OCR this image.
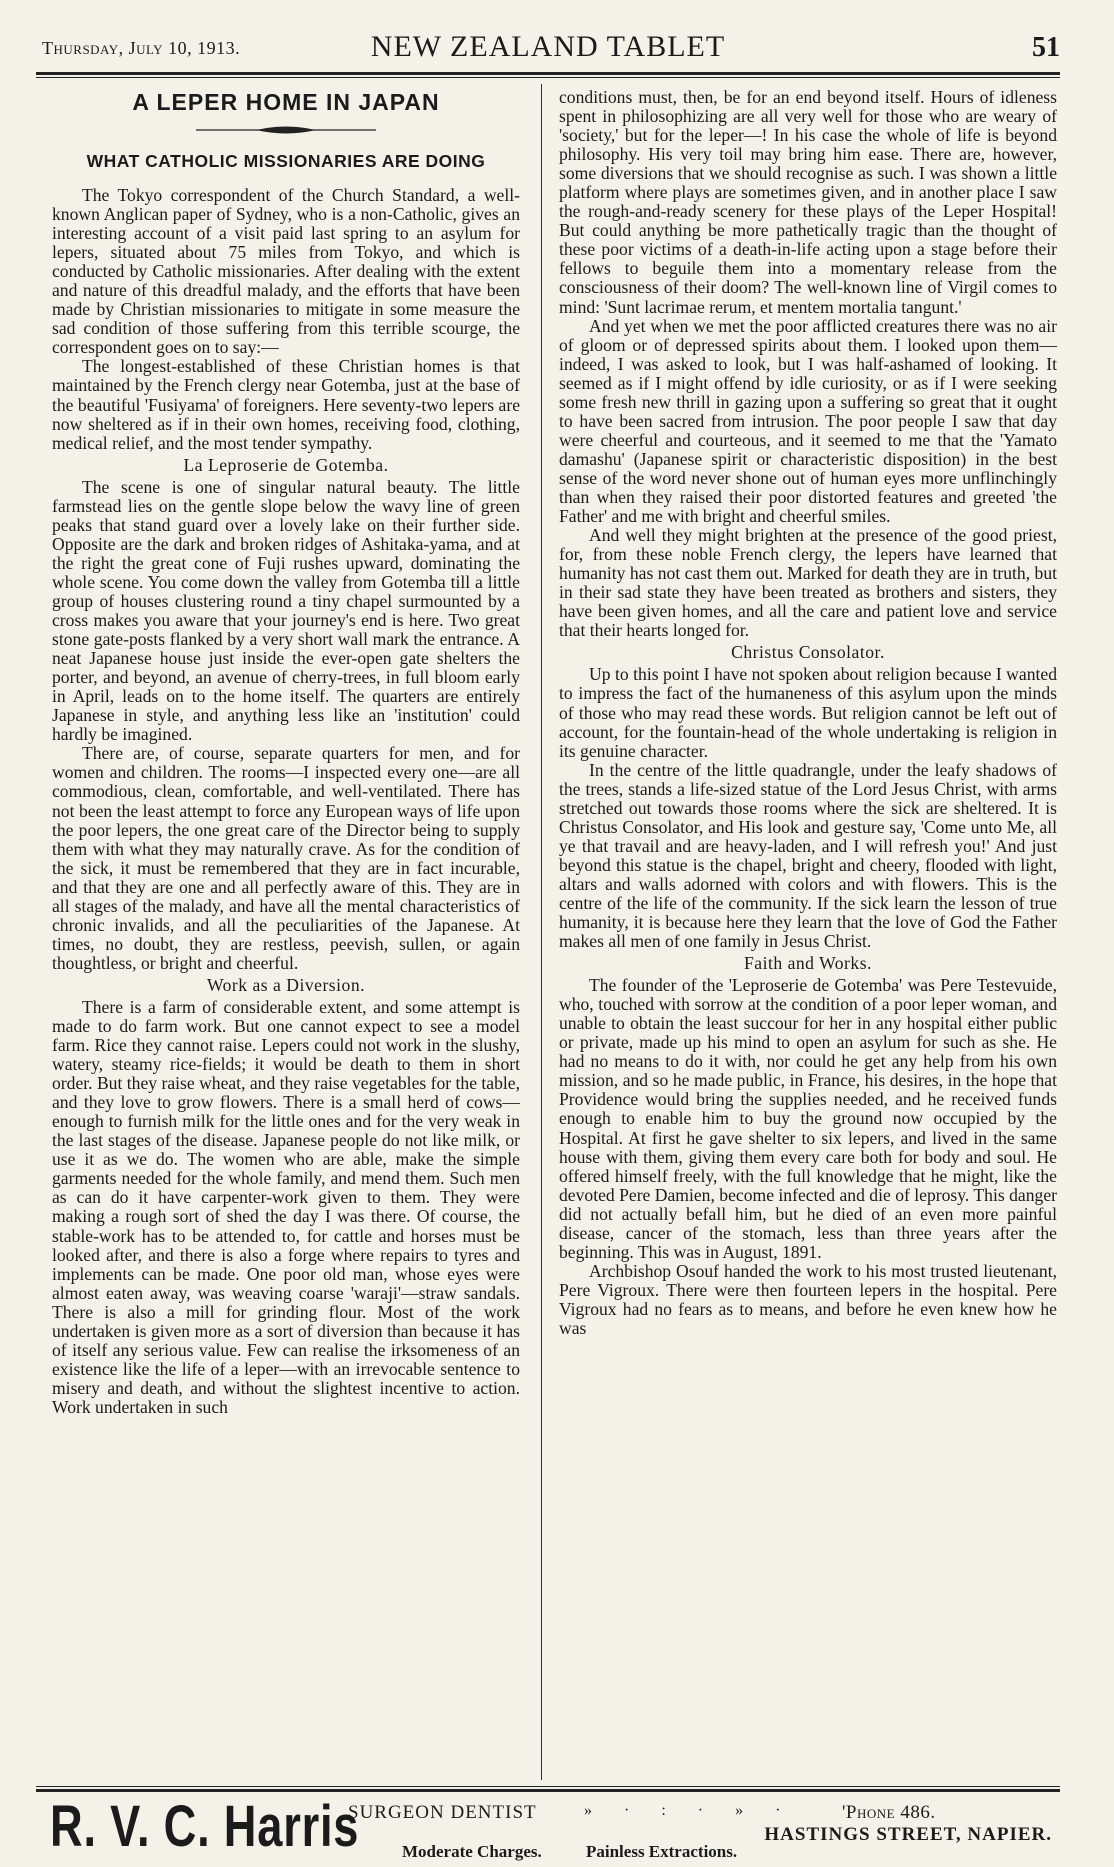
Thursday, July 10, 1913.	NEW ZEALAND TABLET	51
A LEPER HOME IN JAPAN
WHAT CATHOLIC MISSIONARIES ARE DOING

The Tokyo correspondent of the Church Standard, a well-known Anglican paper of Sydney, who is a non-Catholic, gives an interesting account of a visit paid last spring to an asylum for lepers, situated about 75 miles from Tokyo, and which is conducted by Catholic missionaries. After dealing with the extent and nature of this dreadful malady, and the efforts that have been made by Christian missionaries to mitigate in some measure the sad condition of those suffering from this terrible scourge, the correspondent goes on to say:—

The longest-established of these Christian homes is that maintained by the French clergy near Gotemba, just at the base of the beautiful 'Fusiyama' of foreigners. Here seventy-two lepers are now sheltered as if in their own homes, receiving food, clothing, medical relief, and the most tender sympathy.

La Leproserie de Gotemba.

The scene is one of singular natural beauty. The little farmstead lies on the gentle slope below the wavy line of green peaks that stand guard over a lovely lake on their further side. Opposite are the dark and broken ridges of Ashitaka-yama, and at the right the great cone of Fuji rushes upward, dominating the whole scene. You come down the valley from Gotemba till a little group of houses clustering round a tiny chapel surmounted by a cross makes you aware that your journey's end is here. Two great stone gate-posts flanked by a very short wall mark the entrance. A neat Japanese house just inside the ever-open gate shelters the porter, and beyond, an avenue of cherry-trees, in full bloom early in April, leads on to the home itself. The quarters are entirely Japanese in style, and anything less like an 'institution' could hardly be imagined.

There are, of course, separate quarters for men, and for women and children. The rooms—I inspected every one—are all commodious, clean, comfortable, and well-ventilated. There has not been the least attempt to force any European ways of life upon the poor lepers, the one great care of the Director being to supply them with what they may naturally crave. As for the condition of the sick, it must be remembered that they are in fact incurable, and that they are one and all perfectly aware of this. They are in all stages of the malady, and have all the mental characteristics of chronic invalids, and all the peculiarities of the Japanese. At times, no doubt, they are restless, peevish, sullen, or again thoughtless, or bright and cheerful.

Work as a Diversion.

There is a farm of considerable extent, and some attempt is made to do farm work. But one cannot expect to see a model farm. Rice they cannot raise. Lepers could not work in the slushy, watery, steamy rice-fields; it would be death to them in short order. But they raise wheat, and they raise vegetables for the table, and they love to grow flowers. There is a small herd of cows—enough to furnish milk for the little ones and for the very weak in the last stages of the disease. Japanese people do not like milk, or use it as we do. The women who are able, make the simple garments needed for the whole family, and mend them. Such men as can do it have carpenter-work given to them. They were making a rough sort of shed the day I was there. Of course, the stable-work has to be attended to, for cattle and horses must be looked after, and there is also a forge where repairs to tyres and implements can be made. One poor old man, whose eyes were almost eaten away, was weaving coarse 'waraji'—straw sandals. There is also a mill for grinding flour. Most of the work undertaken is given more as a sort of diversion than because it has of itself any serious value. Few can realise the irksomeness of an existence like the life of a leper—with an irrevocable sentence to misery and death, and without the slightest incentive to action. Work undertaken in such

conditions must, then, be for an end beyond itself. Hours of idleness spent in philosophizing are all very well for those who are weary of 'society,' but for the leper—! In his case the whole of life is beyond philosophy. His very toil may bring him ease. There are, however, some diversions that we should recognise as such. I was shown a little platform where plays are sometimes given, and in another place I saw the rough-and-ready scenery for these plays of the Leper Hospital! But could anything be more pathetically tragic than the thought of these poor victims of a death-in-life acting upon a stage before their fellows to beguile them into a momentary release from the consciousness of their doom? The well-known line of Virgil comes to mind: 'Sunt lacrimae rerum, et mentem mortalia tangunt.'

And yet when we met the poor afflicted creatures there was no air of gloom or of depressed spirits about them. I looked upon them—indeed, I was asked to look, but I was half-ashamed of looking. It seemed as if I might offend by idle curiosity, or as if I were seeking some fresh new thrill in gazing upon a suffering so great that it ought to have been sacred from intrusion. The poor people I saw that day were cheerful and courteous, and it seemed to me that the 'Yamato damashu' (Japanese spirit or characteristic disposition) in the best sense of the word never shone out of human eyes more unflinchingly than when they raised their poor distorted features and greeted 'the Father' and me with bright and cheerful smiles.

And well they might brighten at the presence of the good priest, for, from these noble French clergy, the lepers have learned that humanity has not cast them out. Marked for death they are in truth, but in their sad state they have been treated as brothers and sisters, they have been given homes, and all the care and patient love and service that their hearts longed for.

Christus Consolator.

Up to this point I have not spoken about religion because I wanted to impress the fact of the humaneness of this asylum upon the minds of those who may read these words. But religion cannot be left out of account, for the fountain-head of the whole undertaking is religion in its genuine character.

In the centre of the little quadrangle, under the leafy shadows of the trees, stands a life-sized statue of the Lord Jesus Christ, with arms stretched out towards those rooms where the sick are sheltered. It is Christus Consolator, and His look and gesture say, 'Come unto Me, all ye that travail and are heavy-laden, and I will refresh you!' And just beyond this statue is the chapel, bright and cheery, flooded with light, altars and walls adorned with colors and with flowers. This is the centre of the life of the community. If the sick learn the lesson of true humanity, it is because here they learn that the love of God the Father makes all men of one family in Jesus Christ.

Faith and Works.

The founder of the 'Leproserie de Gotemba' was Pere Testevuide, who, touched with sorrow at the condition of a poor leper woman, and unable to obtain the least succour for her in any hospital either public or private, made up his mind to open an asylum for such as she. He had no means to do it with, nor could he get any help from his own mission, and so he made public, in France, his desires, in the hope that Providence would bring the supplies needed, and he received funds enough to enable him to buy the ground now occupied by the Hospital. At first he gave shelter to six lepers, and lived in the same house with them, giving them every care both for body and soul. He offered himself freely, with the full knowledge that he might, like the devoted Pere Damien, become infected and die of leprosy. This danger did not actually befall him, but he died of an even more painful disease, cancer of the stomach, less than three years after the beginning. This was in August, 1891.

Archbishop Osouf handed the work to his most trusted lieutenant, Pere Vigroux. There were then fourteen lepers in the hospital. Pere Vigroux had no fears as to means, and before he even knew how he was

R. V. C. Harris
SURGEON DENTIST	» · : · » ·	'Phone 486.
HASTINGS STREET, NAPIER.
Moderate Charges.	Painless Extractions.
